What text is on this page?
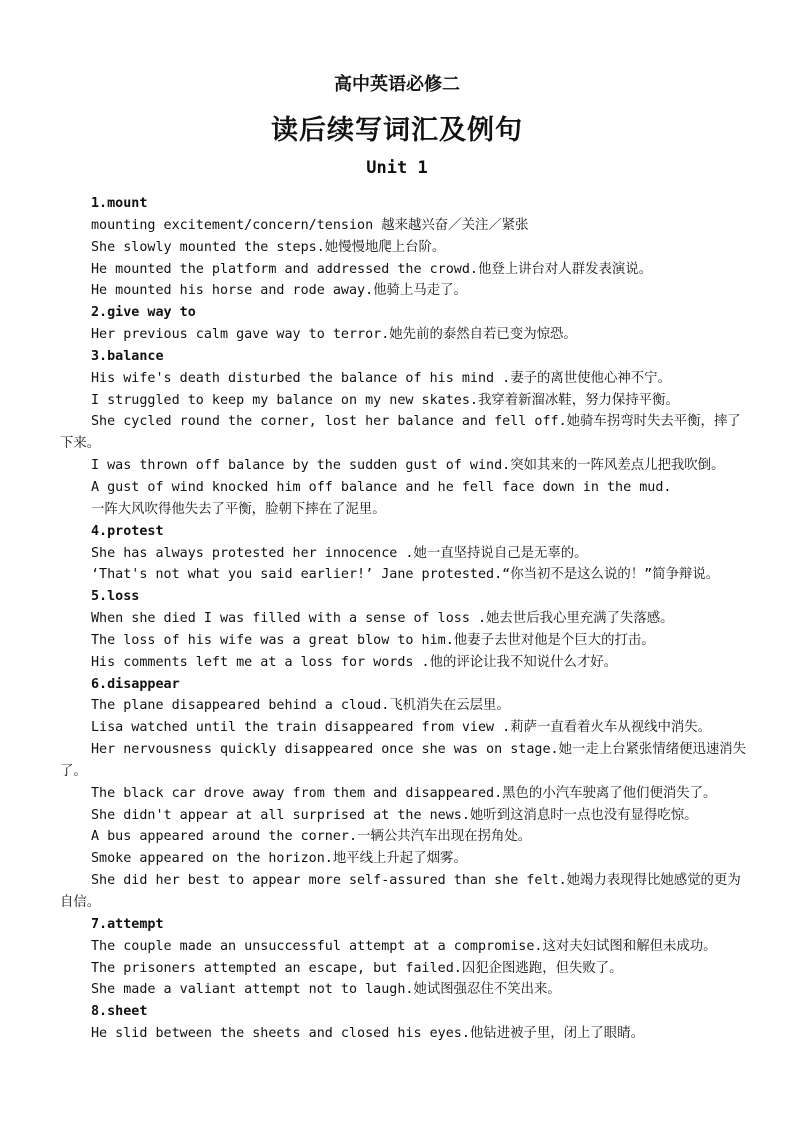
高中英语必修二
读后续写词汇及例句
Unit 1
1.mount

mounting excitement/concern/tension 越来越兴奋／关注／紧张

She slowly mounted the steps.她慢慢地爬上台阶。

He mounted the platform and addressed the crowd.他登上讲台对人群发表演说。

He mounted his horse and rode away.他骑上马走了。

2.give way to

Her previous calm gave way to terror.她先前的泰然自若已变为惊恐。

3.balance

His wife's death disturbed the balance of his mind .妻子的离世使他心神不宁。

I struggled to keep my balance on my new skates.我穿着新溜冰鞋，努力保持平衡。

She cycled round the corner, lost her balance and fell off.她骑车拐弯时失去平衡，摔了下来。

I was thrown off balance by the sudden gust of wind.突如其来的一阵风差点儿把我吹倒。

A gust of wind knocked him off balance and he fell face down in the mud.

一阵大风吹得他失去了平衡，脸朝下摔在了泥里。

4.protest

She has always protested her innocence .她一直坚持说自己是无辜的。

‘That's not what you said earlier!’ Jane protested.“你当初不是这么说的！”简争辩说。

5.loss

When she died I was filled with a sense of loss .她去世后我心里充满了失落感。

The loss of his wife was a great blow to him.他妻子去世对他是个巨大的打击。

His comments left me at a loss for words .他的评论让我不知说什么才好。

6.disappear

The plane disappeared behind a cloud.飞机消失在云层里。

Lisa watched until the train disappeared from view .莉萨一直看着火车从视线中消失。

Her nervousness quickly disappeared once she was on stage.她一走上台紧张情绪便迅速消失了。

The black car drove away from them and disappeared.黑色的小汽车驶离了他们便消失了。

She didn't appear at all surprised at the news.她听到这消息时一点也没有显得吃惊。

A bus appeared around the corner.一辆公共汽车出现在拐角处。

Smoke appeared on the horizon.地平线上升起了烟雾。

She did her best to appear more self-assured than she felt.她竭力表现得比她感觉的更为自信。

7.attempt

The couple made an unsuccessful attempt at a compromise.这对夫妇试图和解但未成功。

The prisoners attempted an escape, but failed.囚犯企图逃跑，但失败了。

She made a valiant attempt not to laugh.她试图强忍住不笑出来。

8.sheet

He slid between the sheets and closed his eyes.他钻进被子里，闭上了眼睛。
